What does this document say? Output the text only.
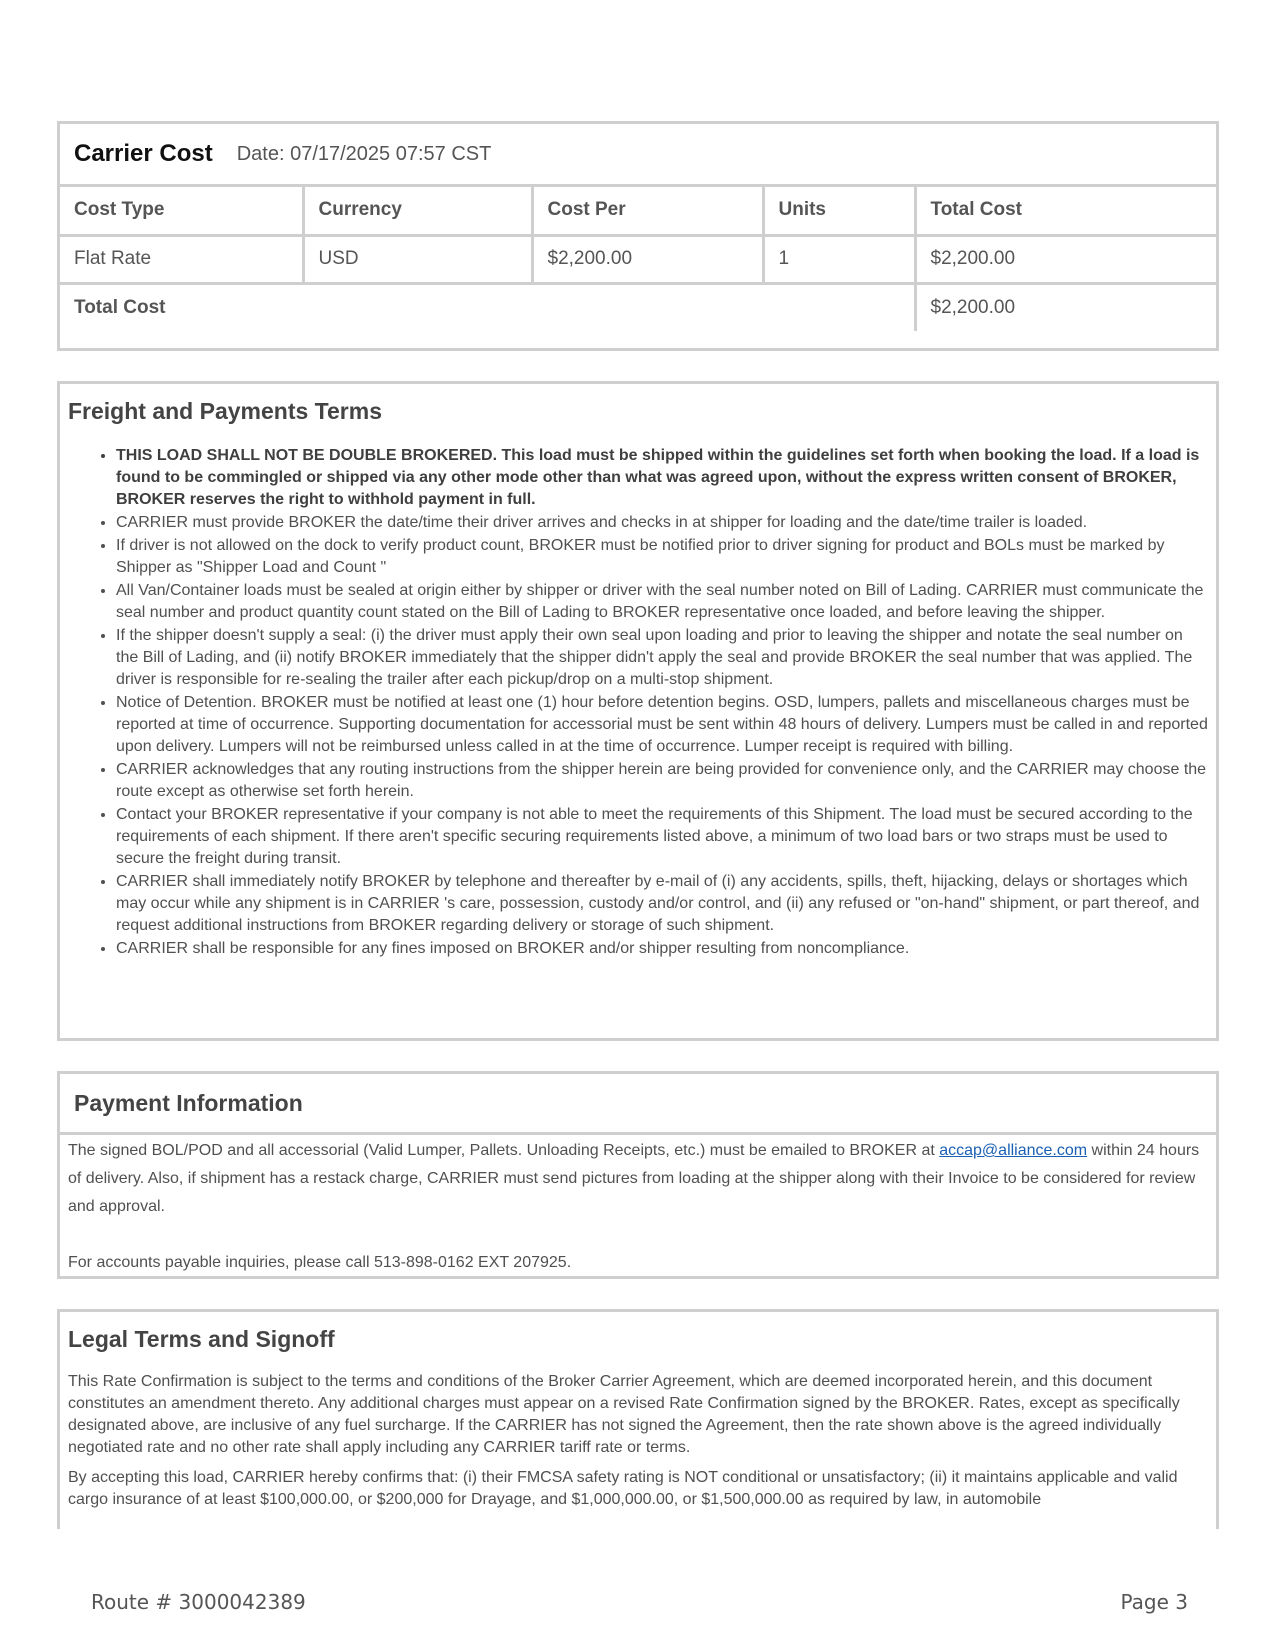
Carrier Cost Date: 07/17/2025 07:57 CST
Cost Type	Currency	Cost Per	Units	Total Cost
Flat Rate	USD	$2,200.00	1	$2,200.00
Total Cost				$2,200.00
Freight and Payments Terms
• THIS LOAD SHALL NOT BE DOUBLE BROKERED. This load must be shipped within the guidelines set forth when booking the load. If a load is found to be commingled or shipped via any other mode other than what was agreed upon, without the express written consent of BROKER, BROKER reserves the right to withhold payment in full.
• CARRIER must provide BROKER the date/time their driver arrives and checks in at shipper for loading and the date/time trailer is loaded.
• If driver is not allowed on the dock to verify product count, BROKER must be notified prior to driver signing for product and BOLs must be marked by Shipper as "Shipper Load and Count "
• All Van/Container loads must be sealed at origin either by shipper or driver with the seal number noted on Bill of Lading. CARRIER must communicate the seal number and product quantity count stated on the Bill of Lading to BROKER representative once loaded, and before leaving the shipper.
• If the shipper doesn't supply a seal: (i) the driver must apply their own seal upon loading and prior to leaving the shipper and notate the seal number on the Bill of Lading, and (ii) notify BROKER immediately that the shipper didn't apply the seal and provide BROKER the seal number that was applied. The driver is responsible for re-sealing the trailer after each pickup/drop on a multi-stop shipment.
• Notice of Detention. BROKER must be notified at least one (1) hour before detention begins. OSD, lumpers, pallets and miscellaneous charges must be reported at time of occurrence. Supporting documentation for accessorial must be sent within 48 hours of delivery. Lumpers must be called in and reported upon delivery. Lumpers will not be reimbursed unless called in at the time of occurrence. Lumper receipt is required with billing.
• CARRIER acknowledges that any routing instructions from the shipper herein are being provided for convenience only, and the CARRIER may choose the route except as otherwise set forth herein.
• Contact your BROKER representative if your company is not able to meet the requirements of this Shipment. The load must be secured according to the requirements of each shipment. If there aren't specific securing requirements listed above, a minimum of two load bars or two straps must be used to secure the freight during transit.
• CARRIER shall immediately notify BROKER by telephone and thereafter by e-mail of (i) any accidents, spills, theft, hijacking, delays or shortages which may occur while any shipment is in CARRIER 's care, possession, custody and/or control, and (ii) any refused or "on-hand" shipment, or part thereof, and request additional instructions from BROKER regarding delivery or storage of such shipment.
• CARRIER shall be responsible for any fines imposed on BROKER and/or shipper resulting from noncompliance.
Payment Information
The signed BOL/POD and all accessorial (Valid Lumper, Pallets. Unloading Receipts, etc.) must be emailed to BROKER at accap@alliance.com within 24 hours of delivery. Also, if shipment has a restack charge, CARRIER must send pictures from loading at the shipper along with their Invoice to be considered for review and approval.
For accounts payable inquiries, please call 513-898-0162 EXT 207925.
Legal Terms and Signoff

This Rate Confirmation is subject to the terms and conditions of the Broker Carrier Agreement, which are deemed incorporated herein, and this document constitutes an amendment thereto. Any additional charges must appear on a revised Rate Confirmation signed by the BROKER. Rates, except as specifically designated above, are inclusive of any fuel surcharge. If the CARRIER has not signed the Agreement, then the rate shown above is the agreed individually negotiated rate and no other rate shall apply including any CARRIER tariff rate or terms.

By accepting this load, CARRIER hereby confirms that: (i) their FMCSA safety rating is NOT conditional or unsatisfactory; (ii) it maintains applicable and valid cargo insurance of at least $100,000.00, or $200,000 for Drayage, and $1,000,000.00, or $1,500,000.00 as required by law, in automobile

Route # 3000042389	Page 3
